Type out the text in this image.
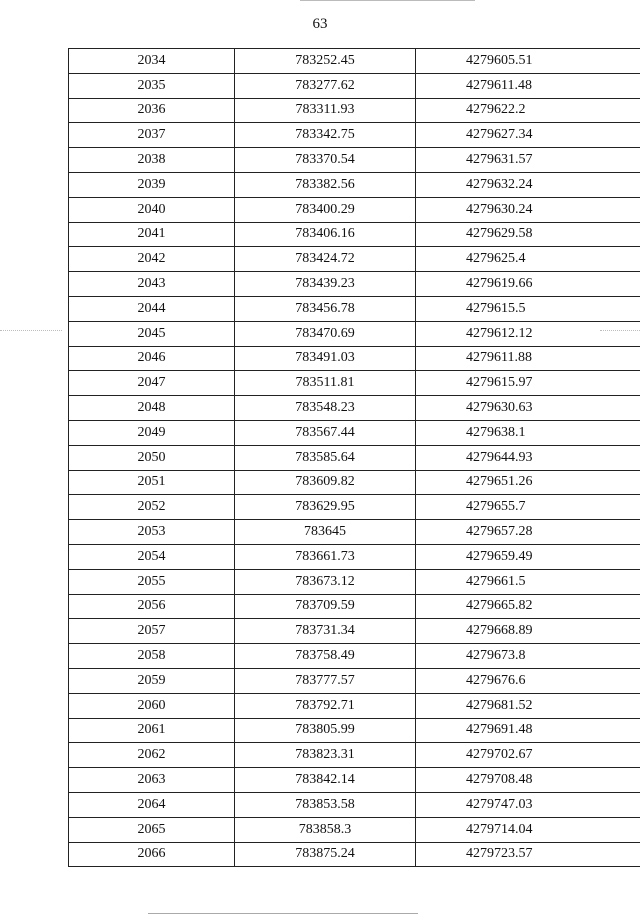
63
2034	783252.45	4279605.51
2035	783277.62	4279611.48
2036	783311.93	4279622.2
2037	783342.75	4279627.34
2038	783370.54	4279631.57
2039	783382.56	4279632.24
2040	783400.29	4279630.24
2041	783406.16	4279629.58
2042	783424.72	4279625.4
2043	783439.23	4279619.66
2044	783456.78	4279615.5
2045	783470.69	4279612.12
2046	783491.03	4279611.88
2047	783511.81	4279615.97
2048	783548.23	4279630.63
2049	783567.44	4279638.1
2050	783585.64	4279644.93
2051	783609.82	4279651.26
2052	783629.95	4279655.7
2053	783645	4279657.28
2054	783661.73	4279659.49
2055	783673.12	4279661.5
2056	783709.59	4279665.82
2057	783731.34	4279668.89
2058	783758.49	4279673.8
2059	783777.57	4279676.6
2060	783792.71	4279681.52
2061	783805.99	4279691.48
2062	783823.31	4279702.67
2063	783842.14	4279708.48
2064	783853.58	4279747.03
2065	783858.3	4279714.04
2066	783875.24	4279723.57
